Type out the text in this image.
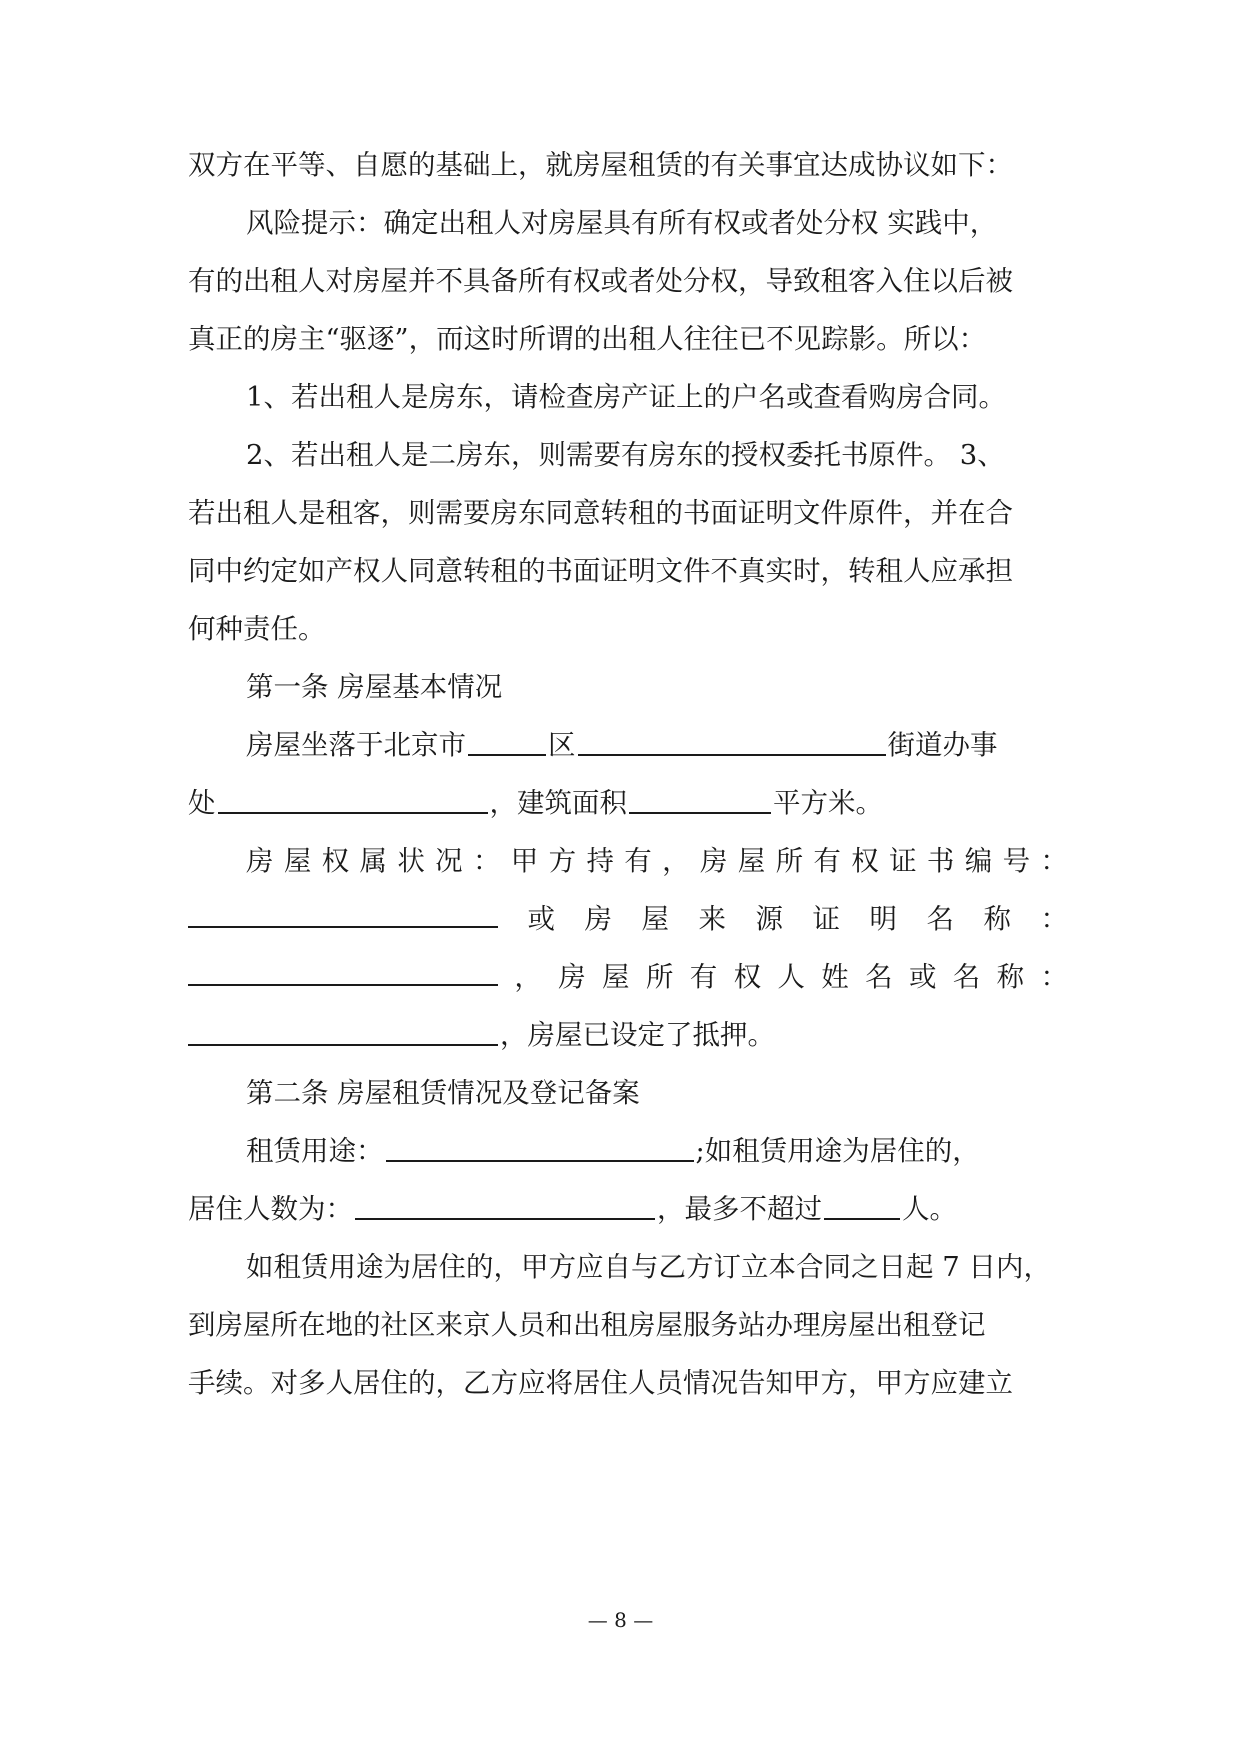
双方在平等、自愿的基础上，就房屋租赁的有关事宜达成协议如下：

风险提示：确定出租人对房屋具有所有权或者处分权 实践中，

有的出租人对房屋并不具备所有权或者处分权，导致租客入住以后被

真正的房主“驱逐”，而这时所谓的出租人往往已不见踪影。所以：

1、若出租人是房东，请检查房产证上的户名或查看购房合同。

2、若出租人是二房东，则需要有房东的授权委托书原件。 3、

若出租人是租客，则需要房东同意转租的书面证明文件原件，并在合

同中约定如产权人同意转租的书面证明文件不真实时，转租人应承担

何种责任。

第一条 房屋基本情况

房屋坐落于北京市	区	街道办事

处	，建筑面积	平方米。

房 屋 权 属 状 况 ： 甲 方 持 有 ， 房 屋 所 有 权 证 书 编 号 ：

或 房 屋 来 源 证 明 名 称 ：

， 房 屋 所 有 权 人 姓 名 或 名 称 ：

，房屋已设定了抵押。

第二条 房屋租赁情况及登记备案

租赁用途：	;如租赁用途为居住的，

居住人数为：	，最多不超过	人。

如租赁用途为居住的，甲方应自与乙方订立本合同之日起 7 日内，

到房屋所在地的社区来京人员和出租房屋服务站办理房屋出租登记

手续。对多人居住的，乙方应将居住人员情况告知甲方，甲方应建立

— 8 —
